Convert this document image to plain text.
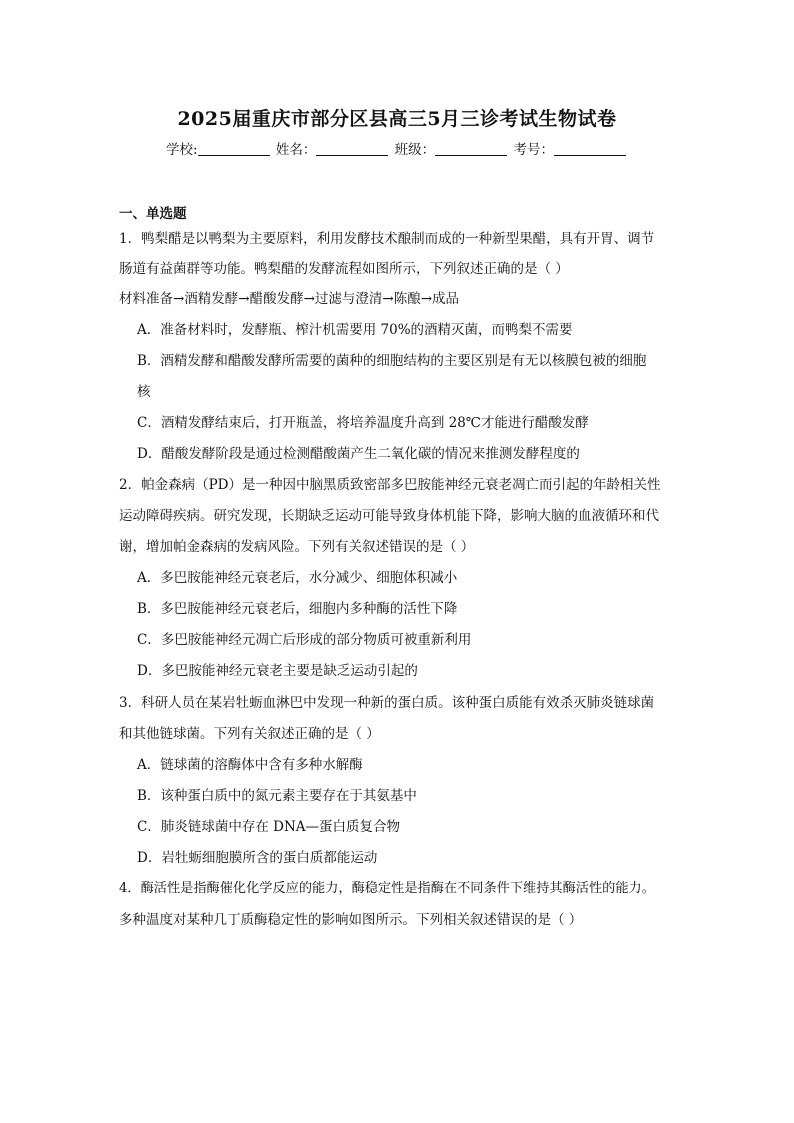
2025届重庆市部分区县高三5月三诊考试生物试卷
学校:	姓名：	班级：	考号：
一、单选题
1．鸭梨醋是以鸭梨为主要原料，利用发酵技术酿制而成的一种新型果醋，具有开胃、调节
肠道有益菌群等功能。鸭梨醋的发酵流程如图所示，下列叙述正确的是（ ）
材料准备→酒精发酵→醋酸发酵→过滤与澄清→陈酿→成品
A．准备材料时，发酵瓶、榨汁机需要用 70%的酒精灭菌，而鸭梨不需要
B．酒精发酵和醋酸发酵所需要的菌种的细胞结构的主要区别是有无以核膜包被的细胞
核
C．酒精发酵结束后，打开瓶盖，将培养温度升高到 28℃才能进行醋酸发酵
D．醋酸发酵阶段是通过检测醋酸菌产生二氧化碳的情况来推测发酵程度的
2．帕金森病（PD）是一种因中脑黑质致密部多巴胺能神经元衰老凋亡而引起的年龄相关性
运动障碍疾病。研究发现，长期缺乏运动可能导致身体机能下降，影响大脑的血液循环和代
谢，增加帕金森病的发病风险。下列有关叙述错误的是（ ）
A．多巴胺能神经元衰老后，水分减少、细胞体积减小
B．多巴胺能神经元衰老后，细胞内多种酶的活性下降
C．多巴胺能神经元凋亡后形成的部分物质可被重新利用
D．多巴胺能神经元衰老主要是缺乏运动引起的
3．科研人员在某岩牡蛎血淋巴中发现一种新的蛋白质。该种蛋白质能有效杀灭肺炎链球菌
和其他链球菌。下列有关叙述正确的是（ ）
A．链球菌的溶酶体中含有多种水解酶
B．该种蛋白质中的氮元素主要存在于其氨基中
C．肺炎链球菌中存在 DNA—蛋白质复合物
D．岩牡蛎细胞膜所含的蛋白质都能运动
4．酶活性是指酶催化化学反应的能力，酶稳定性是指酶在不同条件下维持其酶活性的能力。
多种温度对某种几丁质酶稳定性的影响如图所示。下列相关叙述错误的是（ ）
